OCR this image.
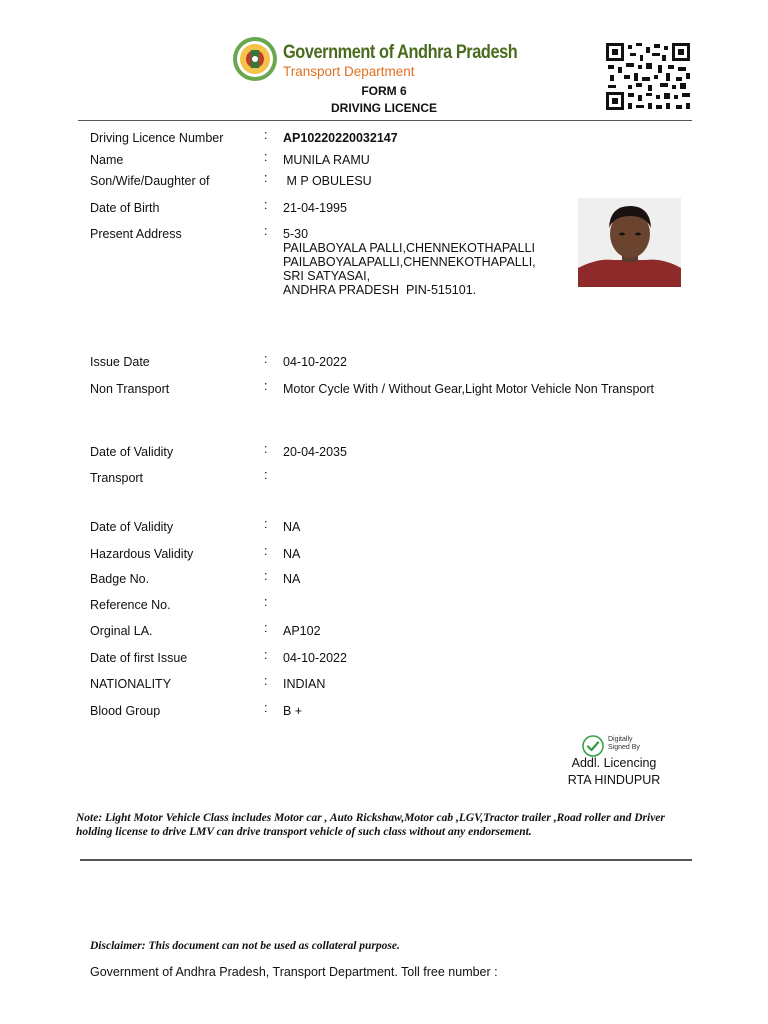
Government of Andhra Pradesh
Transport Department
FORM 6
DRIVING LICENCE
Driving Licence Number	: AP10220220032147
Name	: MUNILA RAMU
Son/Wife/Daughter of	: M P OBULESU
Date of Birth	: 21-04-1995
Present Address	: 5-30
PAILABOYALA PALLI,CHENNEKOTHAPALLI
PAILABOYALAPALLI,CHENNEKOTHAPALLI,
SRI SATYASAI,
ANDHRA PRADESH  PIN-515101.
Issue Date	: 04-10-2022
Non Transport	: Motor Cycle With / Without Gear,Light Motor Vehicle Non Transport
Date of Validity	: 20-04-2035
Transport	:
Date of Validity	: NA
Hazardous Validity	: NA
Badge No.	: NA
Reference No.	:
Orginal LA.	: AP102
Date of first Issue	: 04-10-2022
NATIONALITY	: INDIAN
Blood Group	: B +
Digitally
Signed By
Addl. Licencing
RTA HINDUPUR
Note: Light Motor Vehicle Class includes Motor car , Auto Rickshaw,Motor cab ,LGV,Tractor trailer ,Road roller and Driver holding license to drive LMV can drive transport vehicle of such class without any endorsement.
Disclaimer: This document can not be used as collateral purpose.
Government of Andhra Pradesh, Transport Department. Toll free number :
